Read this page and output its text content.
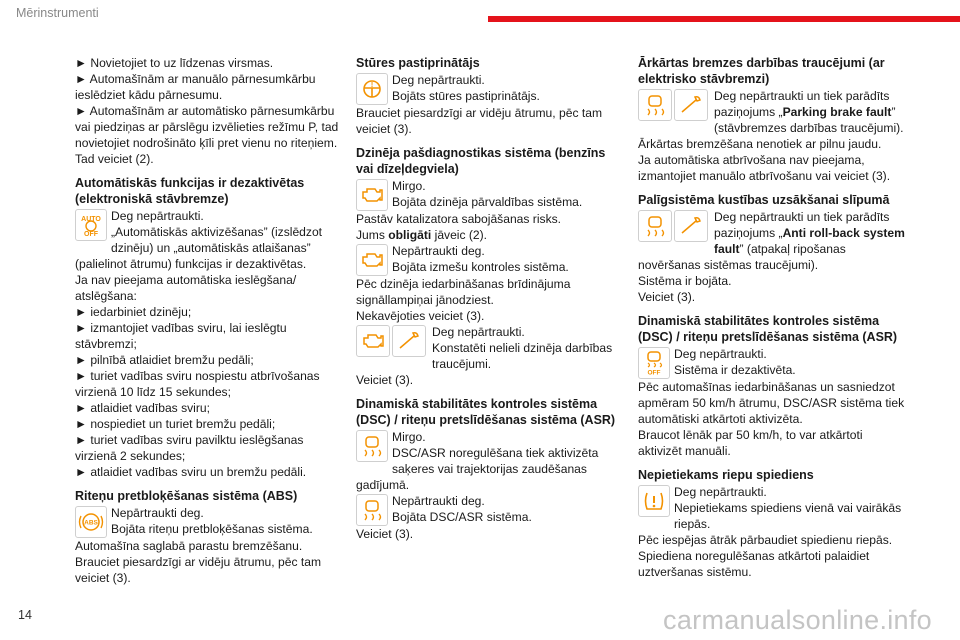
Mērinstrumenti

► Novietojiet to uz līdzenas virsmas.

► Automašīnām ar manuālo pārnesumkārbu ieslēdziet kādu pārnesumu.

► Automašīnām ar automātisko pārnesumkārbu vai piedziņas ar pārslēgu izvēlieties režīmu P, tad novietojiet nodrošināto ķīli pret vienu no riteņiem.

Tad veiciet (2).

Automātiskās funkcijas ir dezaktivētas (elektroniskā stāvbremze)
AUTO
OFF

Deg nepārtraukti.

„Automātiskās aktivizēšanas” (izslēdzot dzinēju) un „automātiskās atlaišanas” (palielinot ātrumu) funkcijas ir dezaktivētas.

Ja nav pieejama automātiska ieslēgšana/ atslēgšana:

► iedarbiniet dzinēju;

► izmantojiet vadības sviru, lai ieslēgtu stāvbremzi;

► pilnībā atlaidiet bremžu pedāli;

► turiet vadības sviru nospiestu atbrīvošanas virzienā 10 līdz 15 sekundes;

► atlaidiet vadības sviru;

► nospiediet un turiet bremžu pedāli;

► turiet vadības sviru pavilktu ieslēgšanas virzienā 2 sekundes;

► atlaidiet vadības sviru un bremžu pedāli.

Riteņu pretbloķēšanas sistēma (ABS)
ABS

Nepārtraukti deg.

Bojāta riteņu pretbloķēšanas sistēma.

Automašīna saglabā parastu bremzēšanu.

Brauciet piesardzīgi ar vidēju ātrumu, pēc tam veiciet (3).

Stūres pastiprinātājs
!	Deg nepārtraukti.

Bojāts stūres pastiprinātājs.

Brauciet piesardzīgi ar vidēju ātrumu, pēc tam veiciet (3).

Dzinēja pašdiagnostikas sistēma (benzīns vai dīzeļdegviela)

Mirgo.

Bojāta dzinēja pārvaldības sistēma.

Pastāv katalizatora sabojāšanas risks.

Jums obligāti jāveic (2).

Nepārtraukti deg.

Bojāta izmešu kontroles sistēma.

Pēc dzinēja iedarbināšanas brīdinājuma signāllampiņai jānodziest.

Nekavējoties veiciet (3).

Deg nepārtraukti.

Konstatēti nelieli dzinēja darbības traucējumi.

Veiciet (3).

Dinamiskā stabilitātes kontroles sistēma (DSC) / riteņu pretslīdēšanas sistēma (ASR)

Mirgo.

DSC/ASR noregulēšana tiek aktivizēta saķeres vai trajektorijas zaudēšanas gadījumā.

Nepārtraukti deg.

Bojāta DSC/ASR sistēma.

Veiciet (3).

Ārkārtas bremzes darbības traucējumi (ar elektrisko stāvbremzi)

Deg nepārtraukti un tiek parādīts paziņojums „Parking brake fault” (stāvbremzes darbības traucējumi).

Ārkārtas bremzēšana nenotiek ar pilnu jaudu.

Ja automātiska atbrīvošana nav pieejama, izmantojiet manuālo atbrīvošanu vai veiciet (3).

Palīgsistēma kustības uzsākšanai slīpumā

Deg nepārtraukti un tiek parādīts paziņojums „Anti roll-back system fault” (atpakaļ ripošanas novēršanas sistēmas traucējumi).

Sistēma ir bojāta.

Veiciet (3).

Dinamiskā stabilitātes kontroles sistēma (DSC) / riteņu pretslīdēšanas sistēma (ASR)
OFF

Deg nepārtraukti.

Sistēma ir dezaktivēta.

Pēc automašīnas iedarbināšanas un sasniedzot apmēram 50 km/h ātrumu, DSC/ASR sistēma tiek automātiski atkārtoti aktivizēta.

Braucot lēnāk par 50 km/h, to var atkārtoti aktivizēt manuāli.

Nepietiekams riepu spiediens

Deg nepārtraukti.

Nepietiekams spiediens vienā vai vairākās riepās.

Pēc iespējas ātrāk pārbaudiet spiedienu riepās.

Spiediena noregulēšanas atkārtoti palaidiet uztveršanas sistēmu.

14	carmanualsonline.info
